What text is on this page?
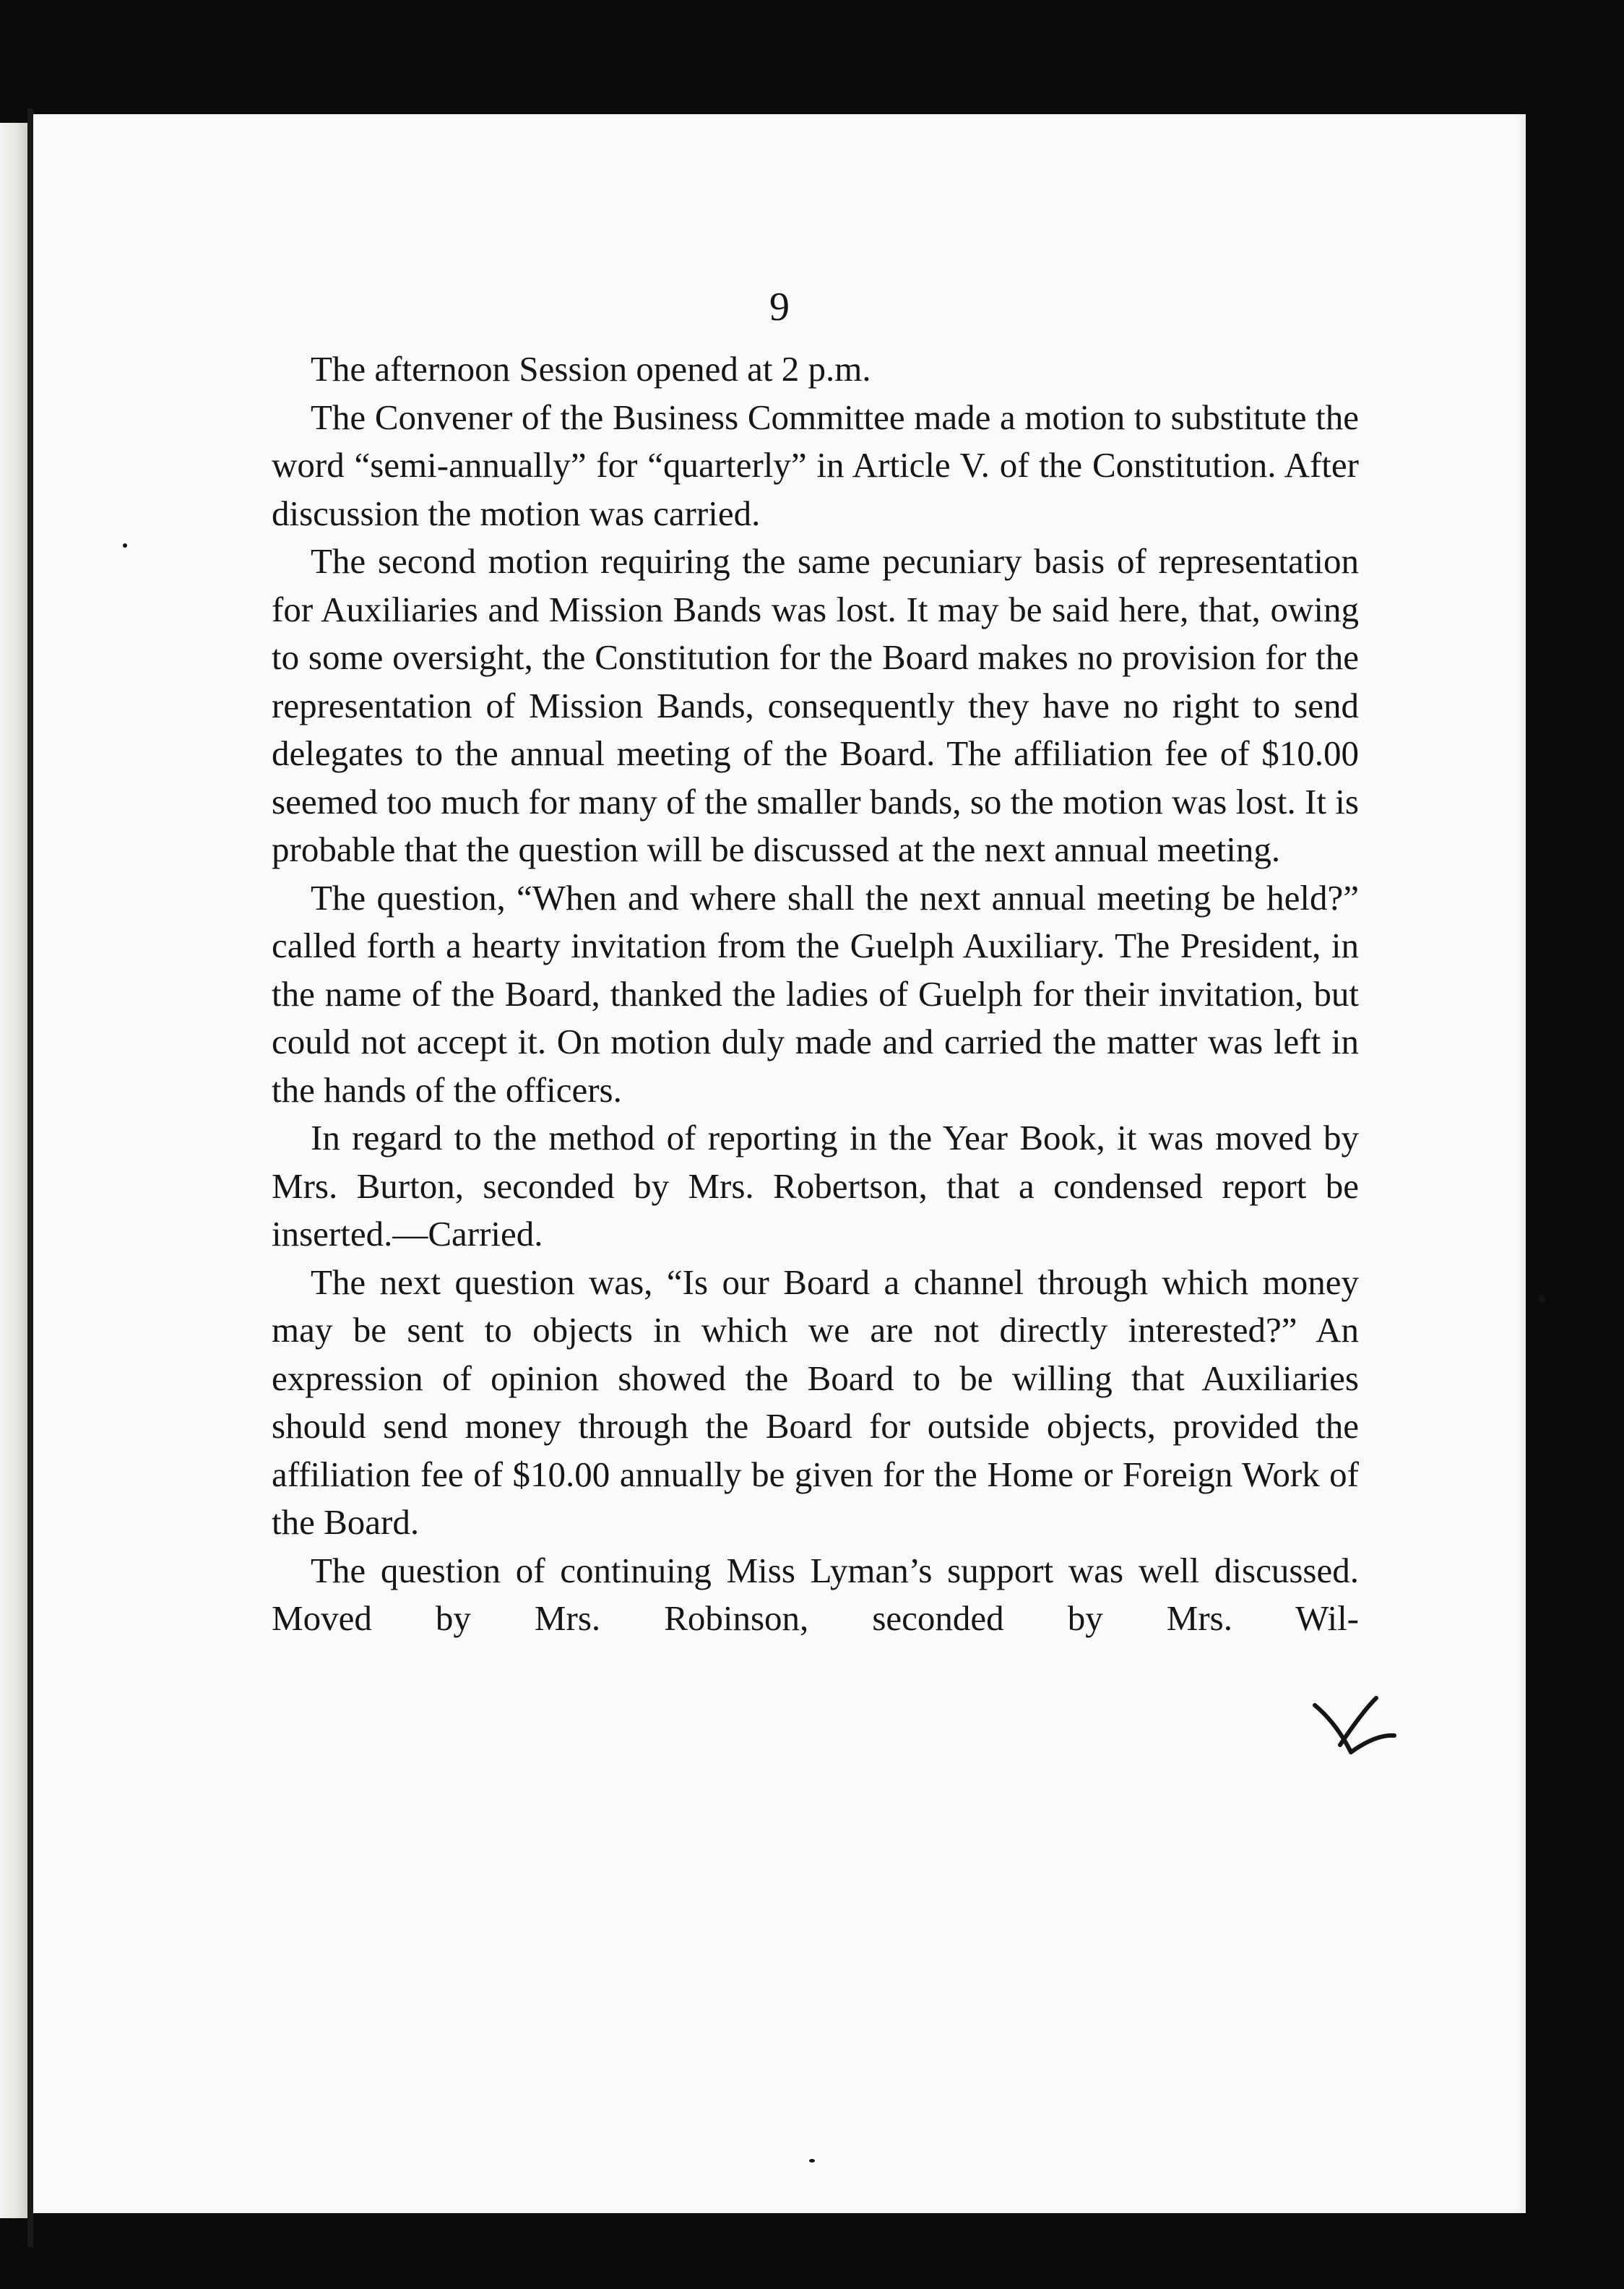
9

The afternoon Session opened at 2 p.m.

The Convener of the Business Committee made a motion to substitute the word “semi-annually” for “quarterly” in Article V. of the Constitution. After discussion the motion was carried.

The second motion requiring the same pecuniary basis of representation for Auxiliaries and Mission Bands was lost. It may be said here, that, owing to some oversight, the Constitution for the Board makes no provision for the representation of Mission Bands, consequently they have no right to send delegates to the annual meeting of the Board. The affiliation fee of $10.00 seemed too much for many of the smaller bands, so the motion was lost. It is probable that the question will be discussed at the next annual meeting.

The question, “When and where shall the next annual meeting be held?” called forth a hearty invitation from the Guelph Auxiliary. The President, in the name of the Board, thanked the ladies of Guelph for their invitation, but could not accept it. On motion duly made and carried the matter was left in the hands of the officers.

In regard to the method of reporting in the Year Book, it was moved by Mrs. Burton, seconded by Mrs. Robertson, that a condensed report be inserted.—Carried.

The next question was, “Is our Board a channel through which money may be sent to objects in which we are not directly interested?” An expression of opinion showed the Board to be willing that Auxiliaries should send money through the Board for outside objects, provided the affiliation fee of $10.00 annually be given for the Home or Foreign Work of the Board.

The question of continuing Miss Lyman’s support was well discussed. Moved by Mrs. Robinson, seconded by Mrs. Wil-
